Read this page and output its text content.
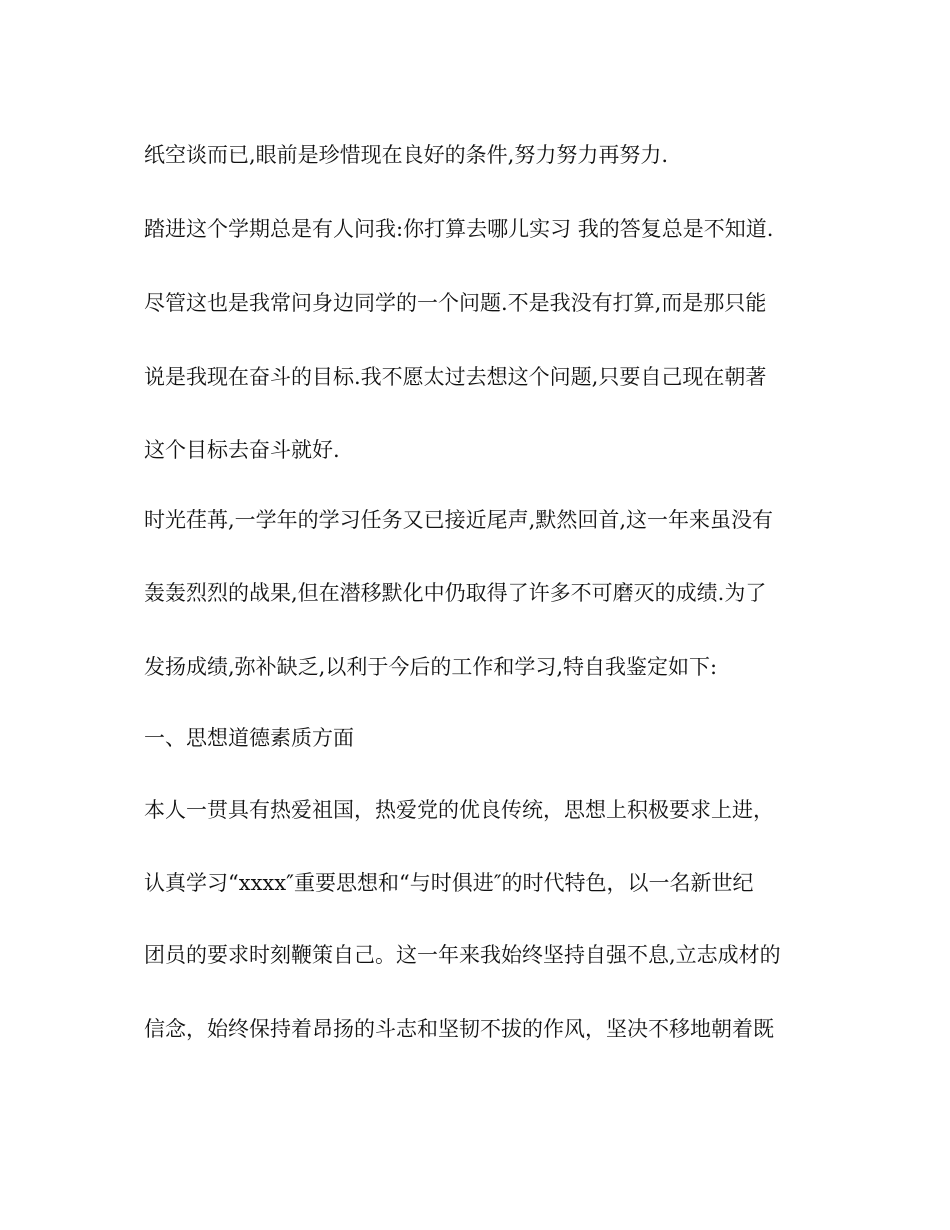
纸空谈而已,眼前是珍惜现在良好的条件,努力努力再努力.
踏进这个学期总是有人问我:你打算去哪儿实习 我的答复总是不知道.
尽管这也是我常问身边同学的一个问题.不是我没有打算,而是那只能
说是我现在奋斗的目标.我不愿太过去想这个问题,只要自己现在朝著
这个目标去奋斗就好.
时光荏苒,一学年的学习任务又已接近尾声,默然回首,这一年来虽没有
轰轰烈烈的战果,但在潜移默化中仍取得了许多不可磨灭的成绩.为了
发扬成绩,弥补缺乏,以利于今后的工作和学习,特自我鉴定如下:
一、思想道德素质方面
本人一贯具有热爱祖国，热爱党的优良传统，思想上积极要求上进，
认真学习“xxxx″重要思想和“与时俱进″的时代特色，以一名新世纪
团员的要求时刻鞭策自己。这一年来我始终坚持自强不息,立志成材的
信念，始终保持着昂扬的斗志和坚韧不拔的作风，坚决不移地朝着既
